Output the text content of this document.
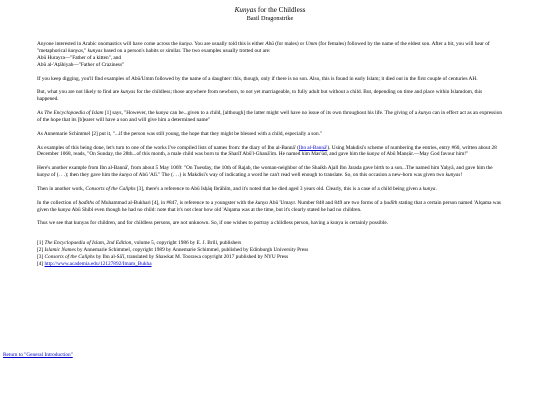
Kunyas for the Childless
Basil Dragonstrike

Anyone interested in Arabic onomastics will have come across the kunya. You are usually told this is either Abū (for males) or Umm (for females) followed by the name of the eldest son. After a bit, you will hear of "metaphorical kunyas," kunyas based on a person's habits or similar. The two examples usually trotted out are:

Abū Hurayra—"Father of a kitten", and

Abū al-'Aṭāhiyah—"Father of Craziness"

If you keep digging, you'll find examples of Abū/Umm followed by the name of a daughter: this, though, only if there is no son. Also, this is found in early Islam; it died out in the first couple of centuries AH.

But, what you are not likely to find are kunyas for the childless; those anywhere from newborn, to not yet marriageable, to fully adult but without a child. But, depending on time and place within Islamdom, this happened.

As The Encyclopaedia of Islam [1] says, "However, the kunya can be...given to a child, [although] the latter might well have no issue of its own throughout his life. The giving of a kunya can in effect act as an expression of the hope that its [b]earer will have a son and will give him a determined name"

As Annemarie Schimmel [2] put it, "...if the person was still young, the hope that they might be blessed with a child, especially a son."

As examples of this being done, let's turn to one of the works I've compiled lists of names from: the diary of Ibn al-Bannā' (Ibn al-Bannā'). Using Makdisi's scheme of numbering the entries, entry #60, written about 28 December 1068, reads, "On Sunday, the 28th...of this month, a male child was born to the Sharīf Abū'l-Ghanā'im. He named him Mas'ūd, and gave him the kunya of Abū Manṣūr.—May God favour him!"

Here's another example from Ibn al-Bannā', from about 5 May 1069: "On Tuesday, the 10th of Rajab, the woman-neighbor of the Shaikh Ajall Ibn Jarada gave birth to a son...The named him Yaḥyā, and gave him the kunya of (. . .); then they gave him the kunya of Abū 'Alī." The (. . .) is Makdisi's way of indicating a word he can't read well enough to translate. So, on this occasion a new-born was given two kunyas!

Then in another work, Consorts of the Caliphs [3], there's a reference to Abū Isḥāq Ibrāhīm, and it's noted that he died aged 3 years old. Clearly, this is a case of a child being given a kunya.

In the collection of ḥadīths of Muhammad al-Bukhari [4], in #847, is reference to a youngster with the kunya Abū 'Umayr. Number 848 and 849 are two forms of a ḥadīth stating that a certain person named 'Alqama was given the kunya Abū Shibl even though he had no child: note that it's not clear how old 'Alqama was at the time, but it's clearly stated he had no children.

Thus we see that kunyas for children, and for childless persons, are not unknown. So, if one wishes to portray a childless person, having a kunya is certainly possible.

[1] The Encyclopaedia of Islam, 2nd Edition, volume 5, copyright 1986 by E. J. Brill, publishers
[2] Islamic Names by Annemarie Schimmel, copyright 1989 by Annemarie Schimmel, published by Edinburgh University Press
[3] Consorts of the Caliphs by Ibn al-Sā'ī, translated by Shawkat M. Toorawa copyright 2017 published by NYU Press
[4] http://www.academia.edu/12127892/Imam_Bukha
Return to "General Introduction"
